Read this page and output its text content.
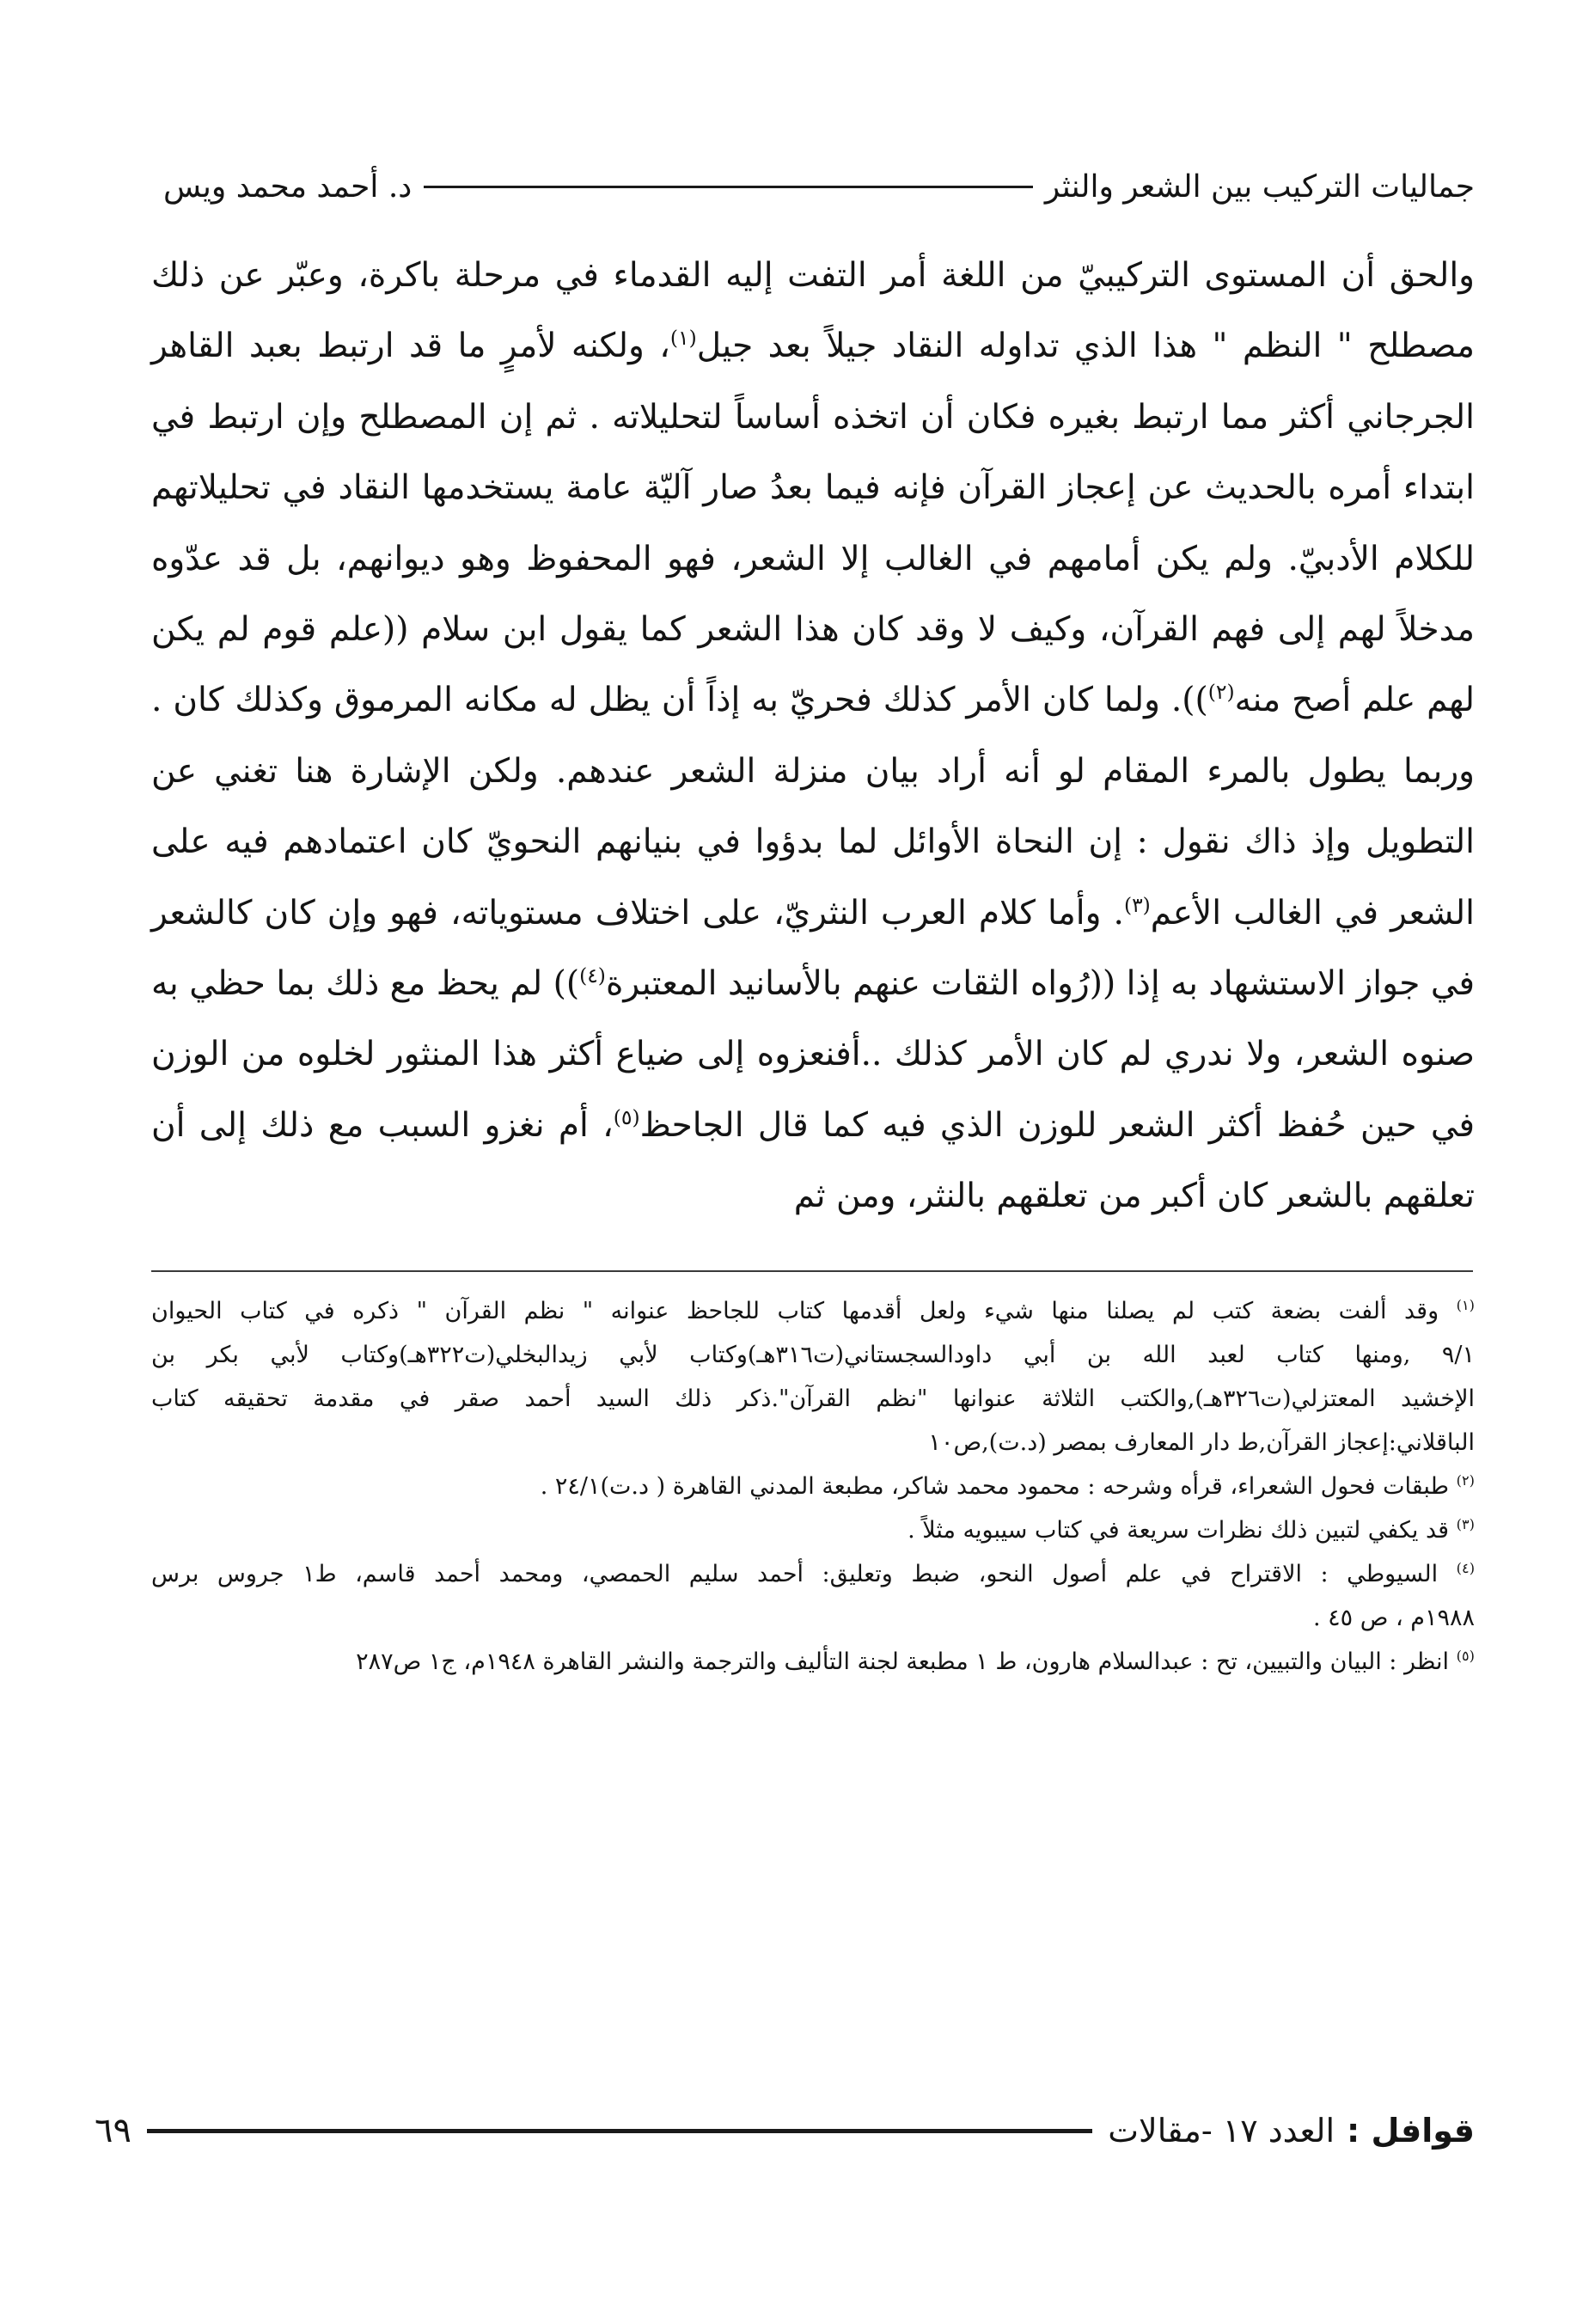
جماليات التركيب بين الشعر والنثر
د. أحمد محمد ويس

والحق أن المستوى التركيبيّ من اللغة أمر التفت إليه القدماء في مرحلة باكرة، وعبّر عن ذلك مصطلح " النظم " هذا الذي تداوله النقاد جيلاً بعد جيل$^{(١)}$، ولكنه لأمرٍ ما قد ارتبط بعبد القاهر الجرجاني أكثر مما ارتبط بغيره فكان أن اتخذه أساساً لتحليلاته . ثم إن المصطلح وإن ارتبط في ابتداء أمره بالحديث عن إعجاز القرآن فإنه فيما بعدُ صار آليّة عامة يستخدمها النقاد في تحليلاتهم للكلام الأدبيّ. ولم يكن أمامهم في الغالب إلا الشعر، فهو المحفوظ وهو ديوانهم، بل قد عدّوه مدخلاً لهم إلى فهم القرآن، وكيف لا وقد كان هذا الشعر كما يقول ابن سلام ((علم قوم لم يكن لهم علم أصح منه$^{(٢)}$)). ولما كان الأمر كذلك فحريّ به إذاً أن يظل له مكانه المرموق وكذلك كان . وربما يطول بالمرء المقام لو أنه أراد بيان منزلة الشعر عندهم. ولكن الإشارة هنا تغني عن التطويل وإذ ذاك نقول : إن النحاة الأوائل لما بدؤوا في بنيانهم النحويّ كان اعتمادهم فيه على الشعر في الغالب الأعم$^{(٣)}$. وأما كلام العرب النثريّ، على اختلاف مستوياته، فهو وإن كان كالشعر في جواز الاستشهاد به إذا ((رُواه الثقات عنهم بالأسانيد المعتبرة$^{(٤)}$)) لم يحظ مع ذلك بما حظي به صنوه الشعر، ولا ندري لم كان الأمر كذلك ..أفنعزوه إلى ضياع أكثر هذا المنثور لخلوه من الوزن في حين حُفظ أكثر الشعر للوزن الذي فيه كما قال الجاحظ$^{(٥)}$، أم نغزو السبب مع ذلك إلى أن تعلقهم بالشعر كان أكبر من تعلقهم بالنثر، ومن ثم

$^{(١)}$ وقد ألفت بضعة كتب لم يصلنا منها شيء ولعل أقدمها كتاب للجاحظ عنوانه " نظم القرآن " ذكره في كتاب الحيوان

٩/١ ,ومنها كتاب لعبد الله بن أبي داودالسجستاني(ت٣١٦هـ)وكتاب لأبي زيدالبخلي(ت٣٢٢هـ)وكتاب لأبي بكر بن

الإخشيد المعتزلي(ت٣٢٦هـ),والكتب الثلاثة عنوانها "نظم القرآن".ذكر ذلك السيد أحمد صقر في مقدمة تحقيقه كتاب

الباقلاني:إعجاز القرآن,ط دار المعارف بمصر (د.ت),ص١٠

$^{(٢)}$ طبقات فحول الشعراء، قرأه وشرحه : محمود محمد شاكر، مطبعة المدني القاهرة ( د.ت)٢٤/١ .

$^{(٣)}$ قد يكفي لتبين ذلك نظرات سريعة في كتاب سيبويه مثلاً .

$^{(٤)}$ السيوطي : الاقتراح في علم أصول النحو، ضبط وتعليق: أحمد سليم الحمصي، ومحمد أحمد قاسم، ط١ جروس برس

١٩٨٨م ، ص ٤٥ .

$^{(٥)}$ انظر : البيان والتبيين، تح : عبدالسلام هارون، ط ١ مطبعة لجنة التأليف والترجمة والنشر القاهرة ١٩٤٨م، ج١ ص٢٨٧

قوافل :
العدد ١٧ -مقالات
٦٩
